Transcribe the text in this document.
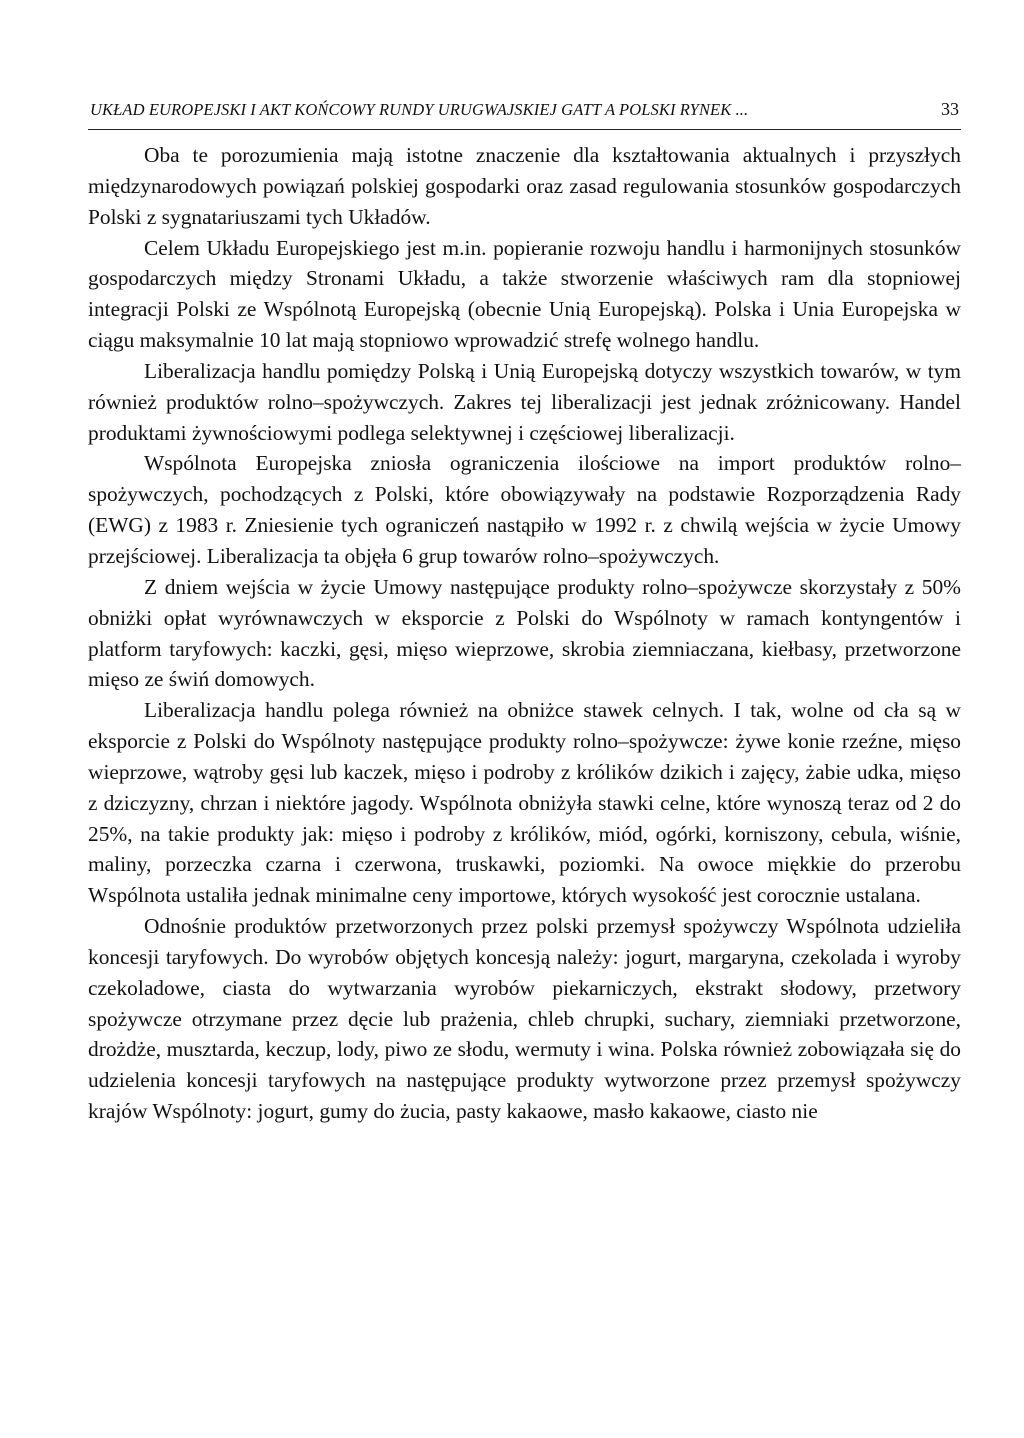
UKŁAD EUROPEJSKI I AKT KOŃCOWY RUNDY URUGWAJSKIEJ GATT A POLSKI RYNEK ...	33

Oba te porozumienia mają istotne znaczenie dla kształtowania aktualnych i przyszłych międzynarodowych powiązań polskiej gospodarki oraz zasad regulowania stosunków gospodarczych Polski z sygnatariuszami tych Układów.

Celem Układu Europejskiego jest m.in. popieranie rozwoju handlu i harmonijnych stosunków gospodarczych między Stronami Układu, a także stworzenie właściwych ram dla stopniowej integracji Polski ze Wspólnotą Europejską (obecnie Unią Europejską). Polska i Unia Europejska w ciągu maksymalnie 10 lat mają stopniowo wprowadzić strefę wolnego handlu.

Liberalizacja handlu pomiędzy Polską i Unią Europejską dotyczy wszystkich towarów, w tym również produktów rolno–spożywczych. Zakres tej liberalizacji jest jednak zróżnicowany. Handel produktami żywnościowymi podlega selektywnej i częściowej liberalizacji.

Wspólnota Europejska zniosła ograniczenia ilościowe na import produktów rolno–spożywczych, pochodzących z Polski, które obowiązywały na podstawie Rozporządzenia Rady (EWG) z 1983 r. Zniesienie tych ograniczeń nastąpiło w 1992 r. z chwilą wejścia w życie Umowy przejściowej. Liberalizacja ta objęła 6 grup towarów rolno–spożywczych.

Z dniem wejścia w życie Umowy następujące produkty rolno–spożywcze skorzystały z 50% obniżki opłat wyrównawczych w eksporcie z Polski do Wspólnoty w ramach kontyngentów i platform taryfowych: kaczki, gęsi, mięso wieprzowe, skrobia ziemniaczana, kiełbasy, przetworzone mięso ze świń domowych.

Liberalizacja handlu polega również na obniżce stawek celnych. I tak, wolne od cła są w eksporcie z Polski do Wspólnoty następujące produkty rolno–spożywcze: żywe konie rzeźne, mięso wieprzowe, wątroby gęsi lub kaczek, mięso i podroby z królików dzikich i zajęcy, żabie udka, mięso z dziczyzny, chrzan i niektóre jagody. Wspólnota obniżyła stawki celne, które wynoszą teraz od 2 do 25%, na takie produkty jak: mięso i podroby z królików, miód, ogórki, korniszony, cebula, wiśnie, maliny, porzeczka czarna i czerwona, truskawki, poziomki. Na owoce miękkie do przerobu Wspólnota ustaliła jednak minimalne ceny importowe, których wysokość jest corocznie ustalana.

Odnośnie produktów przetworzonych przez polski przemysł spożywczy Wspólnota udzieliła koncesji taryfowych. Do wyrobów objętych koncesją należy: jogurt, margaryna, czekolada i wyroby czekoladowe, ciasta do wytwarzania wyrobów piekarniczych, ekstrakt słodowy, przetwory spożywcze otrzymane przez dęcie lub prażenia, chleb chrupki, suchary, ziemniaki przetworzone, drożdże, musztarda, keczup, lody, piwo ze słodu, wermuty i wina. Polska również zobowiązała się do udzielenia koncesji taryfowych na następujące produkty wytworzone przez przemysł spożywczy krajów Wspólnoty: jogurt, gumy do żucia, pasty kakaowe, masło kakaowe, ciasto nie
